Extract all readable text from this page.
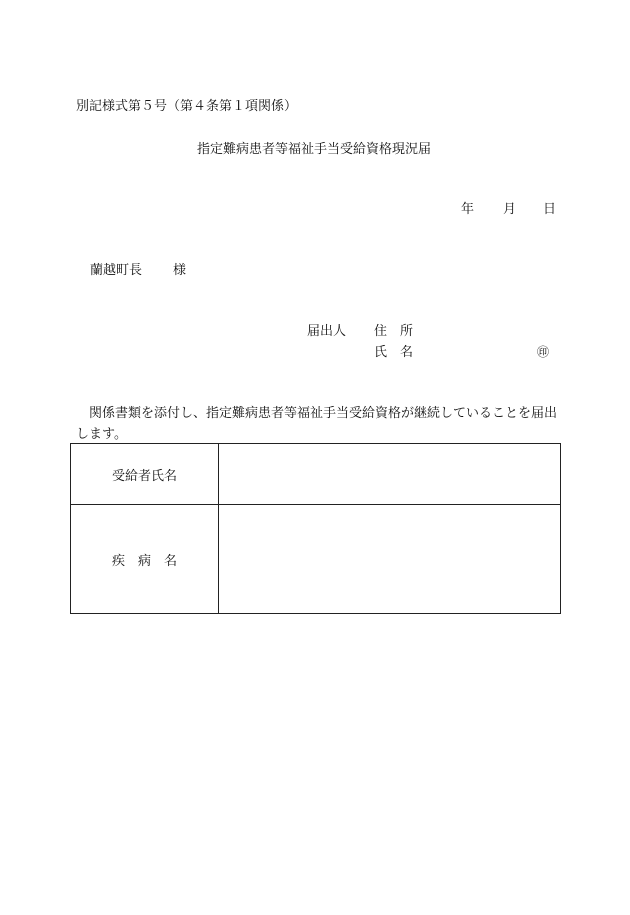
別記様式第５号（第４条第１項関係）
指定難病患者等福祉手当受給資格現況届
年 月 日
蘭越町長 様
届出人 住　所
氏　名	㊞
関係書類を添付し、指定難病患者等福祉手当受給資格が継続していることを届出します。
受給者氏名	
疾　病　名	
